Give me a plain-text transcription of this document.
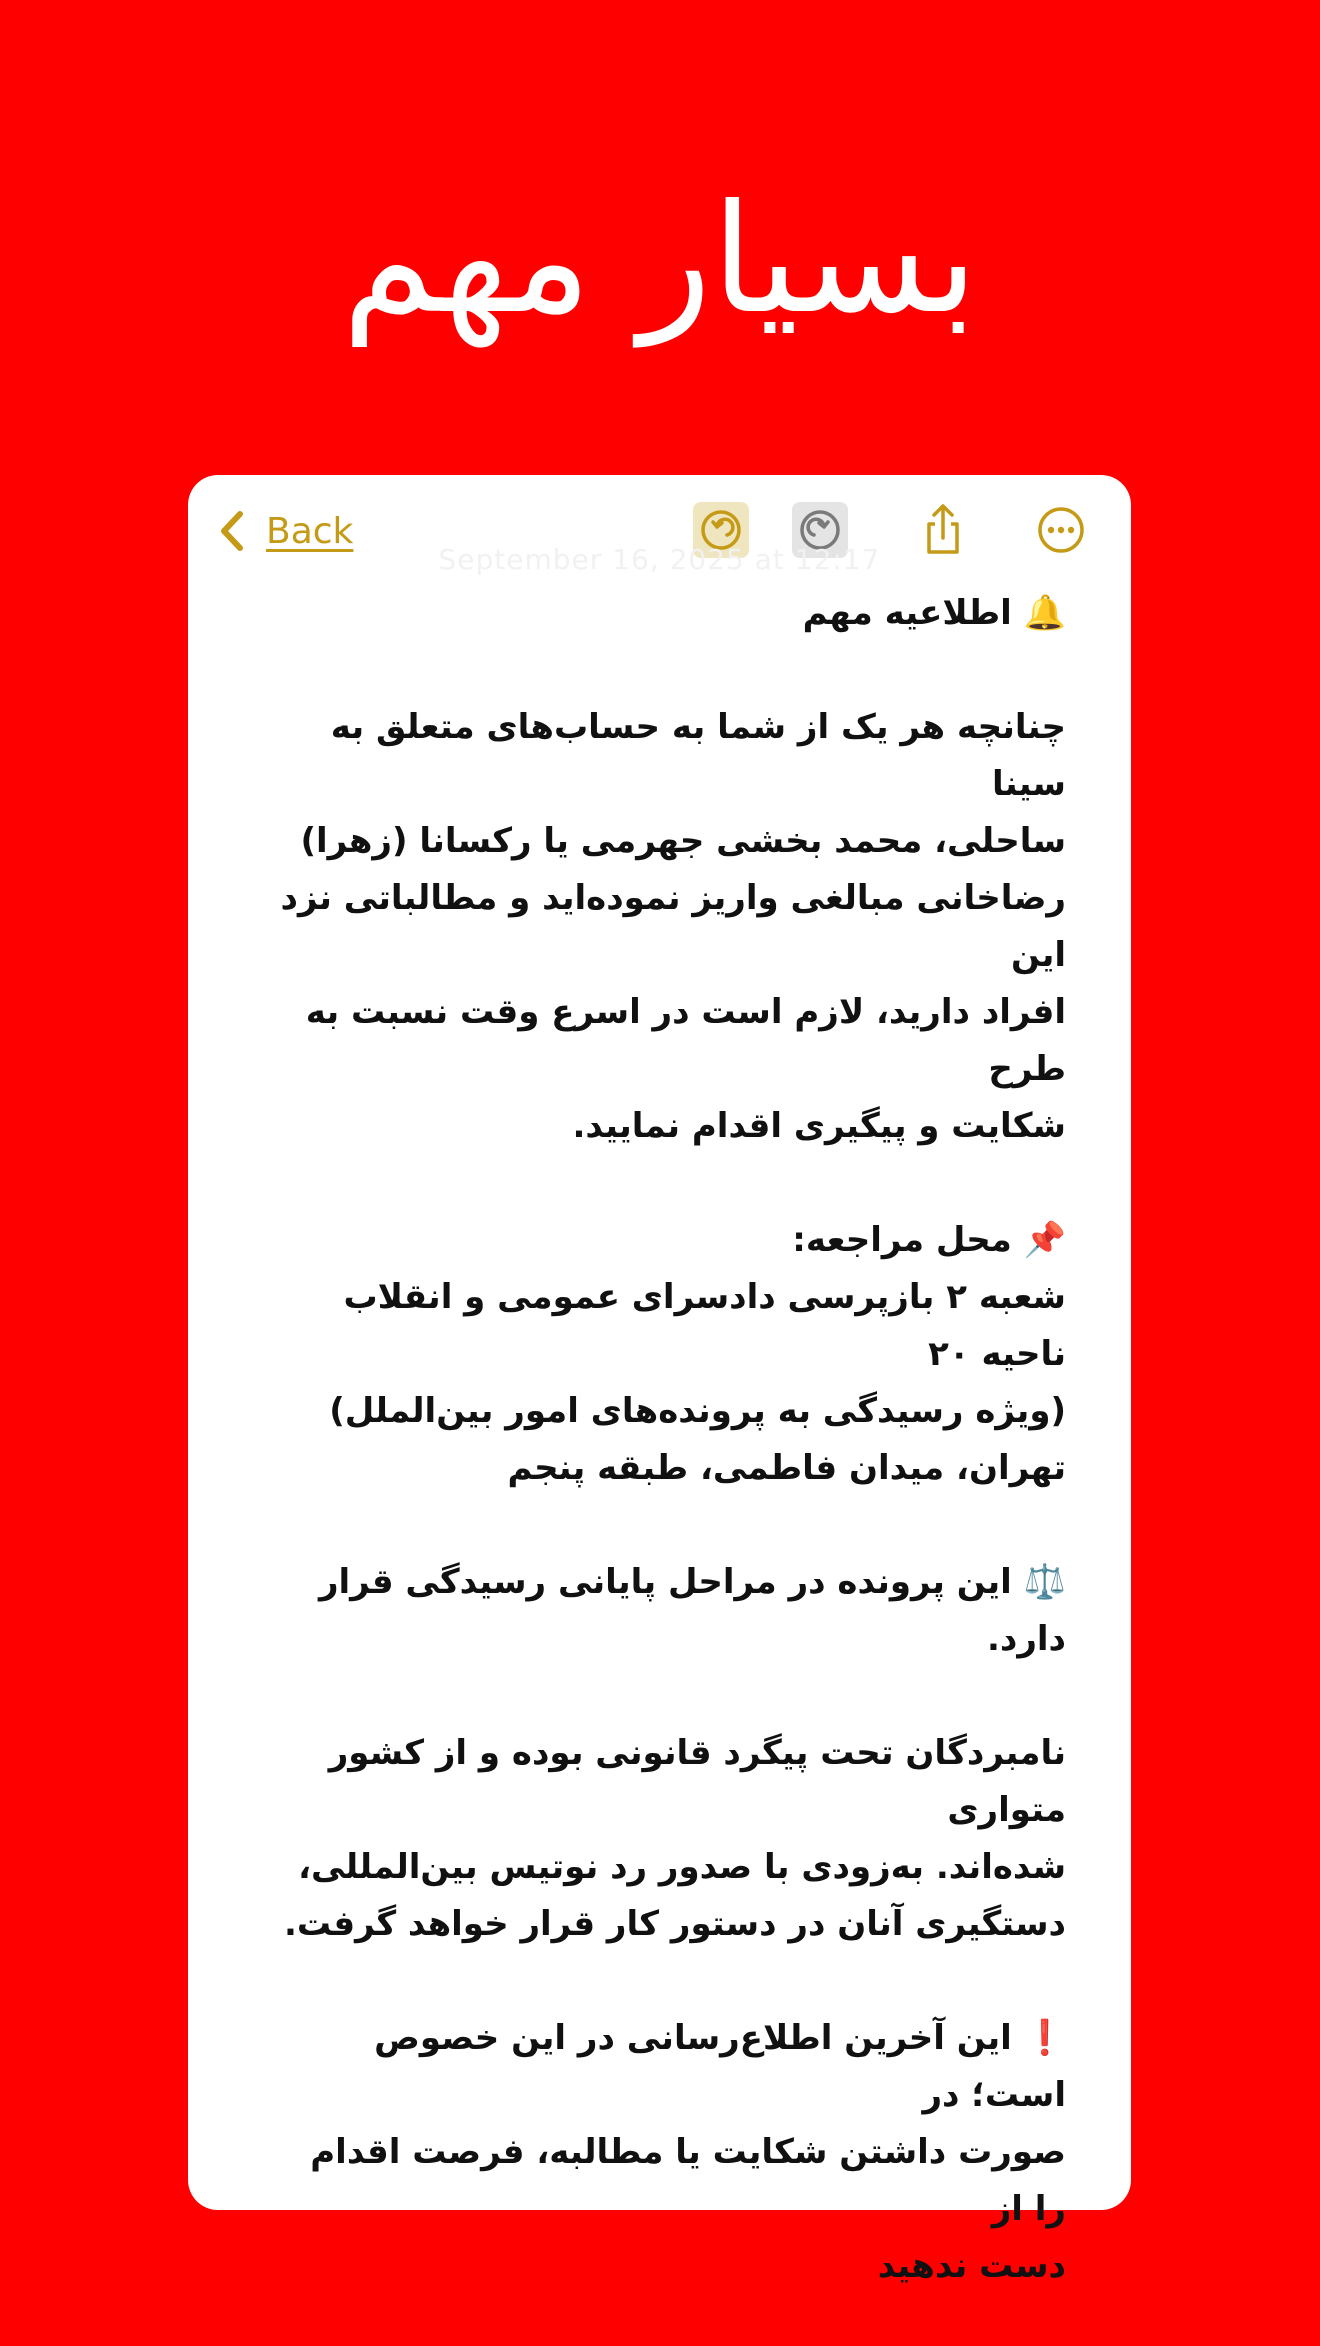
بسیار مهم
Back
September 16, 2025 at 12:17

🔔 اطلاعیه مهم

چنانچه هر یک از شما به حساب‌های متعلق به سینا

ساحلی، محمد بخشی جهرمی یا رکسانا (زهرا)

رضاخانی مبالغی واریز نموده‌اید و مطالباتی نزد این

افراد دارید، لازم است در اسرع وقت نسبت به طرح

شکایت و پیگیری اقدام نمایید.

📌 محل مراجعه:

شعبه ۲ بازپرسی دادسرای عمومی و انقلاب ناحیه ۲۰

(ویژه رسیدگی به پرونده‌های امور بین‌الملل)

تهران، میدان فاطمی، طبقه پنجم

⚖️ این پرونده در مراحل پایانی رسیدگی قرار دارد.

نامبردگان تحت پیگرد قانونی بوده و از کشور متواری

شده‌اند. به‌زودی با صدور رد نوتیس بین‌المللی،

دستگیری آنان در دستور کار قرار خواهد گرفت.

❗ این آخرین اطلاع‌رسانی در این خصوص است؛ در

صورت داشتن شکایت یا مطالبه، فرصت اقدام را از

دست ندهید
